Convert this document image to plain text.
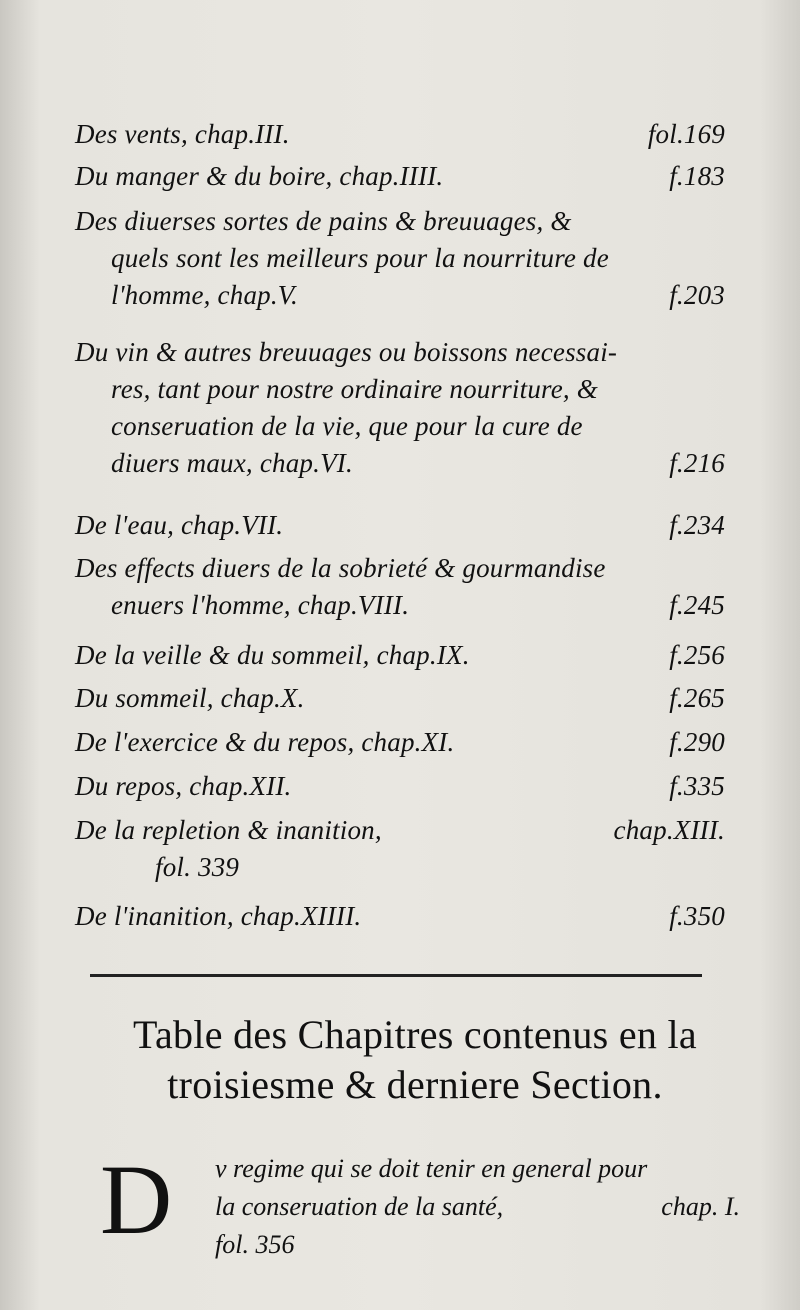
Des vents, chap.III.	fol.169
Du manger & du boire, chap.IIII.	f.183
Des diuerses sortes de pains & breuuages, &
quels sont les meilleurs pour la nourriture de
l'homme, chap.V.	f.203
Du vin & autres breuuages ou boissons necessai-
res, tant pour nostre ordinaire nourriture, &
conseruation de la vie, que pour la cure de
diuers maux, chap.VI.	f.216
De l'eau, chap.VII.	f.234
Des effects diuers de la sobrieté & gourmandise
enuers l'homme, chap.VIII.	f.245
De la veille & du sommeil, chap.IX.	f.256
Du sommeil, chap.X.	f.265
De l'exercice & du repos, chap.XI.	f.290
Du repos, chap.XII.	f.335
De la repletion & inanition,	chap.XIII.
fol. 339
De l'inanition, chap.XIIII.	f.350
Table des Chapitres contenus en la
troisiesme & derniere Section.
D	v regime qui se doit tenir en general pour
la conseruation de la santé,	chap. I.
fol. 356
